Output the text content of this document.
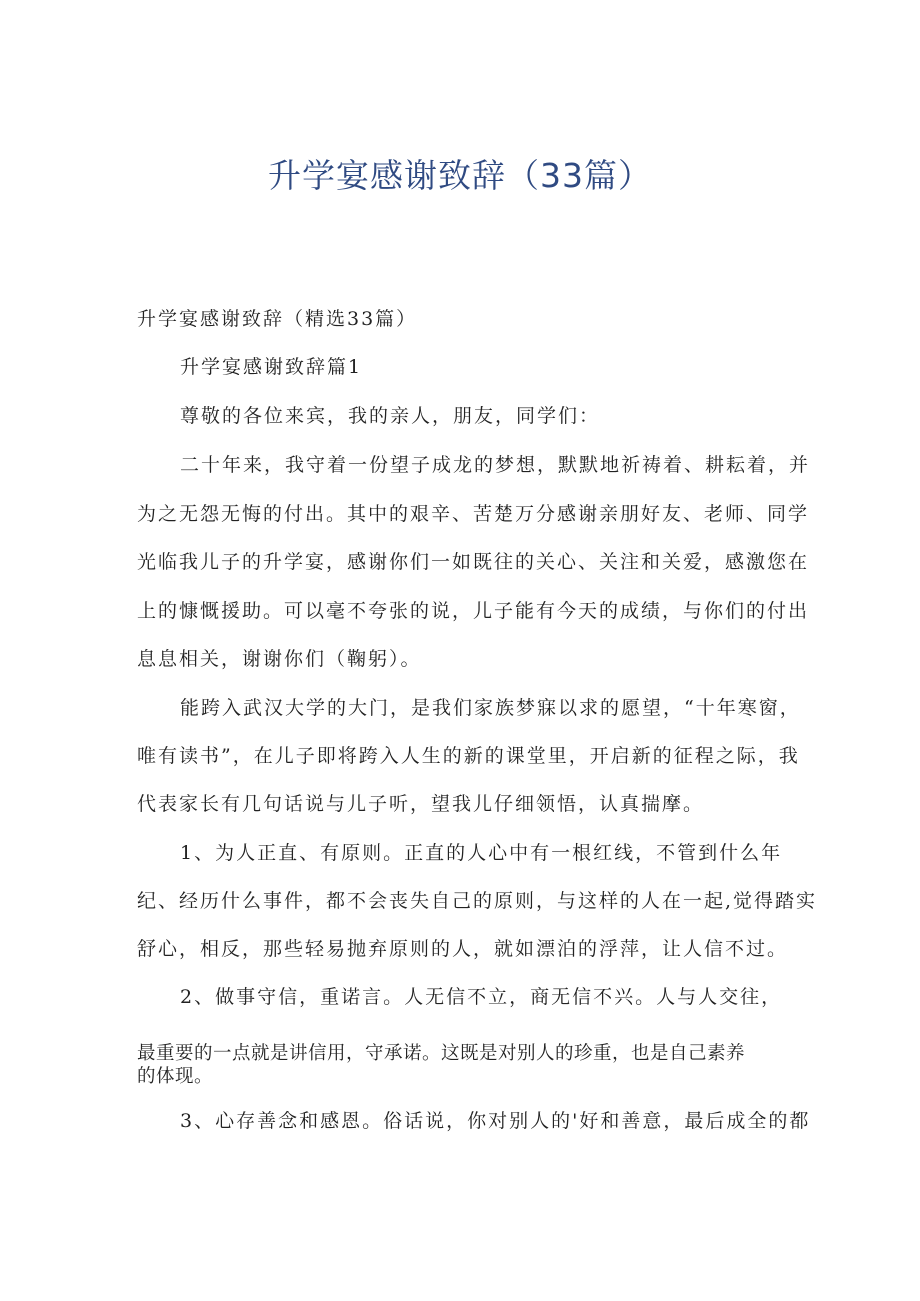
升学宴感谢致辞（33篇）
升学宴感谢致辞（精选33篇）
升学宴感谢致辞篇1
尊敬的各位来宾，我的亲人，朋友，同学们：
二十年来，我守着一份望子成龙的梦想，默默地祈祷着、耕耘着，并
为之无怨无悔的付出。其中的艰辛、苦楚万分感谢亲朋好友、老师、同学
光临我儿子的升学宴，感谢你们一如既往的关心、关注和关爱，感激您在
上的慷慨援助。可以毫不夸张的说，儿子能有今天的成绩，与你们的付出
息息相关，谢谢你们（鞠躬）。
能跨入武汉大学的大门，是我们家族梦寐以求的愿望，“十年寒窗，
唯有读书”，在儿子即将跨入人生的新的课堂里，开启新的征程之际，我
代表家长有几句话说与儿子听，望我儿仔细领悟，认真揣摩。
1、为人正直、有原则。正直的人心中有一根红线，不管到什么年
纪、经历什么事件，都不会丧失自己的原则，与这样的人在一起,觉得踏实
舒心，相反，那些轻易抛弃原则的人，就如漂泊的浮萍，让人信不过。
2、做事守信，重诺言。人无信不立，商无信不兴。人与人交往，
最重要的一点就是讲信用，守承诺。这既是对别人的珍重，也是自己素养
的体现。
3、心存善念和感恩。俗话说，你对别人的'好和善意，最后成全的都
